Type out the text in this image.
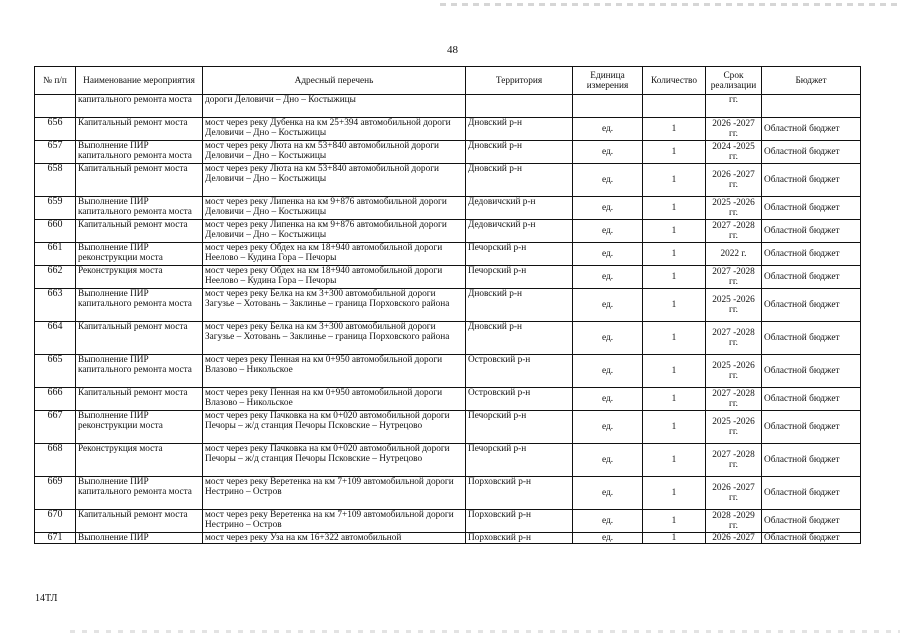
48
№ п/п	Наименование мероприятия	Адресный перечень	Территория	Единица измерения	Количество	Срок реализации	Бюджет
	капитального ремонта моста	дороги Деловичи – Дно – Костыжицы				гг.	
656	Капитальный ремонт моста	мост через реку Дубенка на км 25+394 автомобильной дороги Деловичи – Дно – Костыжицы	Дновский р-н	ед.	1	2026 -2027 гг.	Областной бюджет
657	Выполнение ПИР капитального ремонта моста	мост через реку Люта на км 53+840 автомобильной дороги Деловичи – Дно – Костыжицы	Дновский р-н	ед.	1	2024 -2025 гг.	Областной бюджет
658	Капитальный ремонт моста	мост через реку Люта на км 53+840 автомобильной дороги Деловичи – Дно – Костыжицы	Дновский р-н	ед.	1	2026 -2027 гг.	Областной бюджет
659	Выполнение ПИР капитального ремонта моста	мост через реку Липенка на км 9+876 автомобильной дороги Деловичи – Дно – Костыжицы	Дедовичский р-н	ед.	1	2025 -2026 гг.	Областной бюджет
660	Капитальный ремонт моста	мост через реку Липенка на км 9+876 автомобильной дороги Деловичи – Дно – Костыжицы	Дедовичский р-н	ед.	1	2027 -2028 гг.	Областной бюджет
661	Выполнение ПИР реконструкции моста	мост через реку Обдех на км 18+940 автомобильной дороги Неелово – Кудина Гора – Печоры	Печорский р-н	ед.	1	2022 г.	Областной бюджет
662	Реконструкция моста	мост через реку Обдех на км 18+940 автомобильной дороги Неелово – Кудина Гора – Печоры	Печорский р-н	ед.	1	2027 -2028 гг.	Областной бюджет
663	Выполнение ПИР капитального ремонта моста	мост через реку Белка на км 3+300 автомобильной дороги Загузье – Хотовань – Заклинье – граница Порховского района	Дновский р-н	ед.	1	2025 -2026 гг.	Областной бюджет
664	Капитальный ремонт моста	мост через реку Белка на км 3+300 автомобильной дороги Загузье – Хотовань – Заклинье – граница Порховского района	Дновский р-н	ед.	1	2027 -2028 гг.	Областной бюджет
665	Выполнение ПИР капитального ремонта моста	мост через реку Пенная на км 0+950 автомобильной дороги Влазово – Никольское	Островский р-н	ед.	1	2025 -2026 гг.	Областной бюджет
666	Капитальный ремонт моста	мост через реку Пенная на км 0+950 автомобильной дороги Влазово – Никольское	Островский р-н	ед.	1	2027 -2028 гг.	Областной бюджет
667	Выполнение ПИР реконструкции моста	мост через реку Пачковка на км 0+020 автомобильной дороги Печоры – ж/д станция Печоры Псковские – Нутрецово	Печорский р-н	ед.	1	2025 -2026 гг.	Областной бюджет
668	Реконструкция моста	мост через реку Пачковка на км 0+020 автомобильной дороги Печоры – ж/д станция Печоры Псковские – Нутрецово	Печорский р-н	ед.	1	2027 -2028 гг.	Областной бюджет
669	Выполнение ПИР капитального ремонта моста	мост через реку Веретенка на км 7+109 автомобильной дороги Нестрино – Остров	Порховский р-н	ед.	1	2026 -2027 гг.	Областной бюджет
670	Капитальный ремонт моста	мост через реку Веретенка на км 7+109 автомобильной дороги Нестрино – Остров	Порховский р-н	ед.	1	2028 -2029 гг.	Областной бюджет
671	Выполнение ПИР	мост через реку Уза на км 16+322 автомобильной	Порховский р-н	ед.	1	2026 -2027	Областной бюджет
14ТЛ
